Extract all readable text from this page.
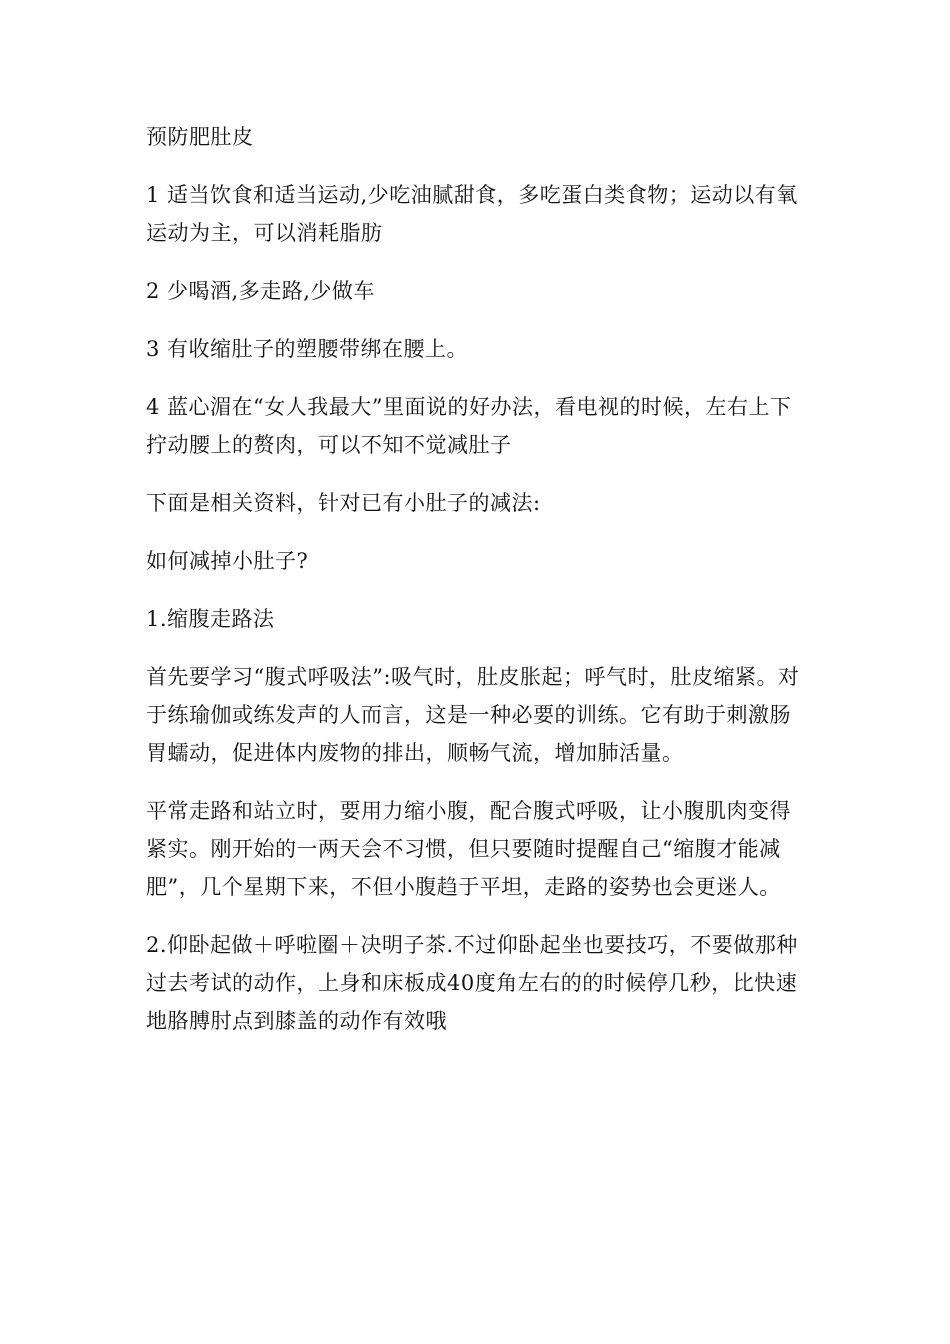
预防肥肚皮
1 适当饮食和适当运动,少吃油腻甜食，多吃蛋白类食物；运动以有氧运动为主，可以消耗脂肪
2 少喝酒,多走路,少做车
3 有收缩肚子的塑腰带绑在腰上。
4 蓝心湄在“女人我最大”里面说的好办法，看电视的时候，左右上下拧动腰上的赘肉，可以不知不觉减肚子
下面是相关资料，针对已有小肚子的减法:
如何减掉小肚子?
1.缩腹走路法
首先要学习“腹式呼吸法”:吸气时，肚皮胀起；呼气时，肚皮缩紧。对于练瑜伽或练发声的人而言，这是一种必要的训练。它有助于刺激肠胃蠕动，促进体内废物的排出，顺畅气流，增加肺活量。
平常走路和站立时，要用力缩小腹，配合腹式呼吸，让小腹肌肉变得紧实。刚开始的一两天会不习惯，但只要随时提醒自己“缩腹才能减肥”，几个星期下来，不但小腹趋于平坦，走路的姿势也会更迷人。
2.仰卧起做＋呼啦圈＋决明子茶.不过仰卧起坐也要技巧，不要做那种过去考试的动作，上身和床板成40度角左右的的时候停几秒，比快速地胳膊肘点到膝盖的动作有效哦
